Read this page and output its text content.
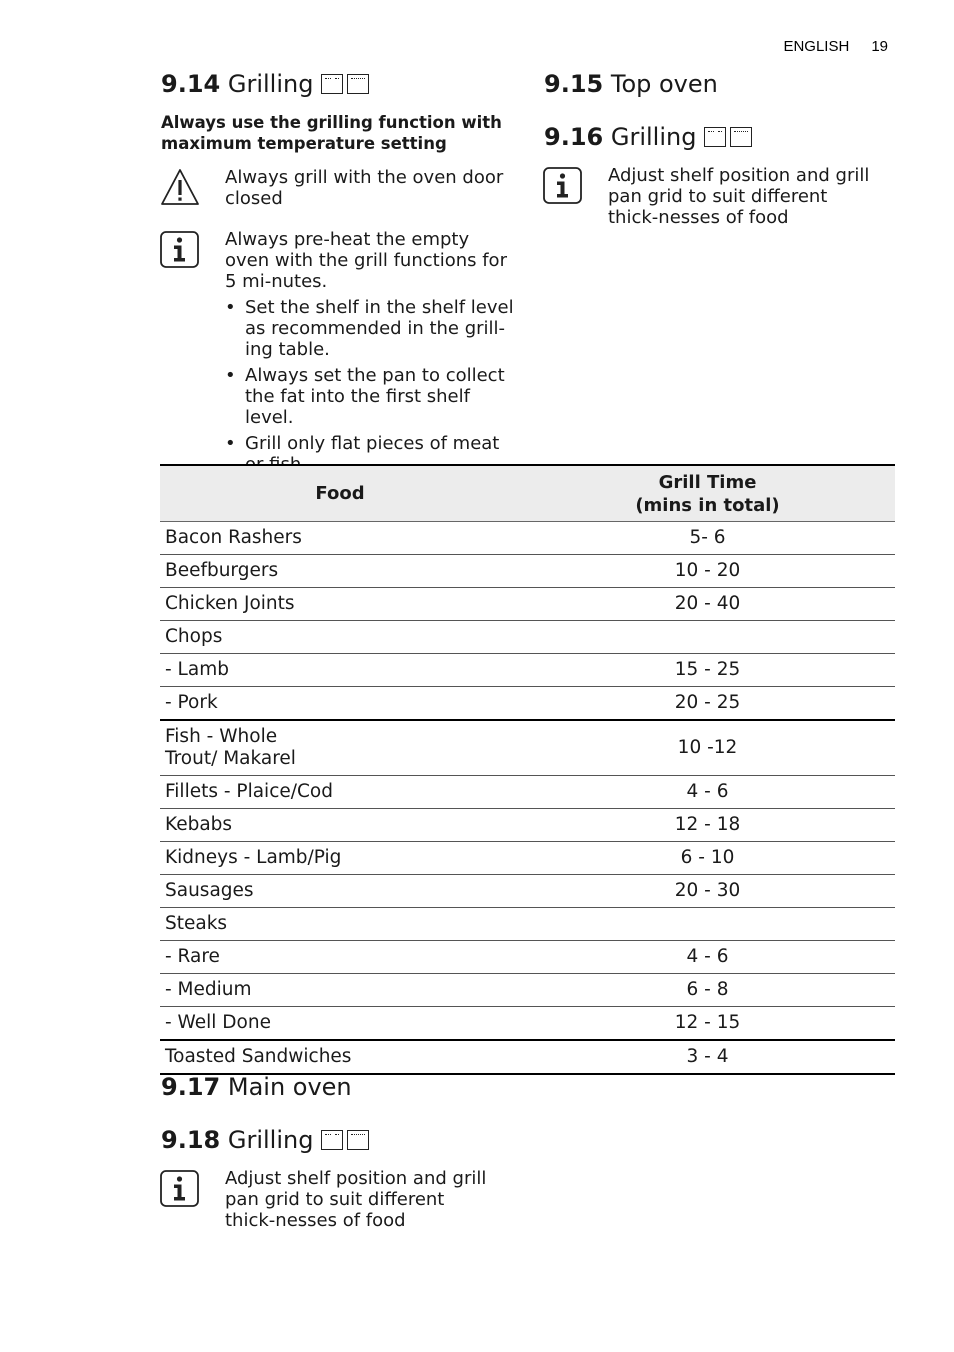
ENGLISH 19
9.14 Grilling
Always use the grilling function with maximum temperature setting
Always grill with the oven door closed
Always pre-heat the empty oven with the grill functions for 5 mi-nutes.
• Set the shelf in the shelf level as recommended in the grill-ing table.
• Always set the pan to collect the fat into the first shelf level.
• Grill only flat pieces of meat
9.15 Top oven
9.16 Grilling
Adjust shelf position and grill pan grid to suit different thick-nesses of food
Food	Grill Time (mins in total)
Bacon Rashers	5- 6
Beefburgers	10 - 20
Chicken Joints	20 - 40
Chops	
- Lamb	15 - 25
- Pork	20 - 25
Fish - Whole Trout/ Makarel	10 -12
Fillets - Plaice/Cod	4 - 6
Kebabs	12 - 18
Kidneys - Lamb/Pig	6 - 10
Sausages	20 - 30
Steaks	
- Rare	4 - 6
- Medium	6 - 8
- Well Done	12 - 15
Toasted Sandwiches	3 - 4
9.17 Main oven
9.18 Grilling
Adjust shelf position and grill pan grid to suit different thick-nesses of food
